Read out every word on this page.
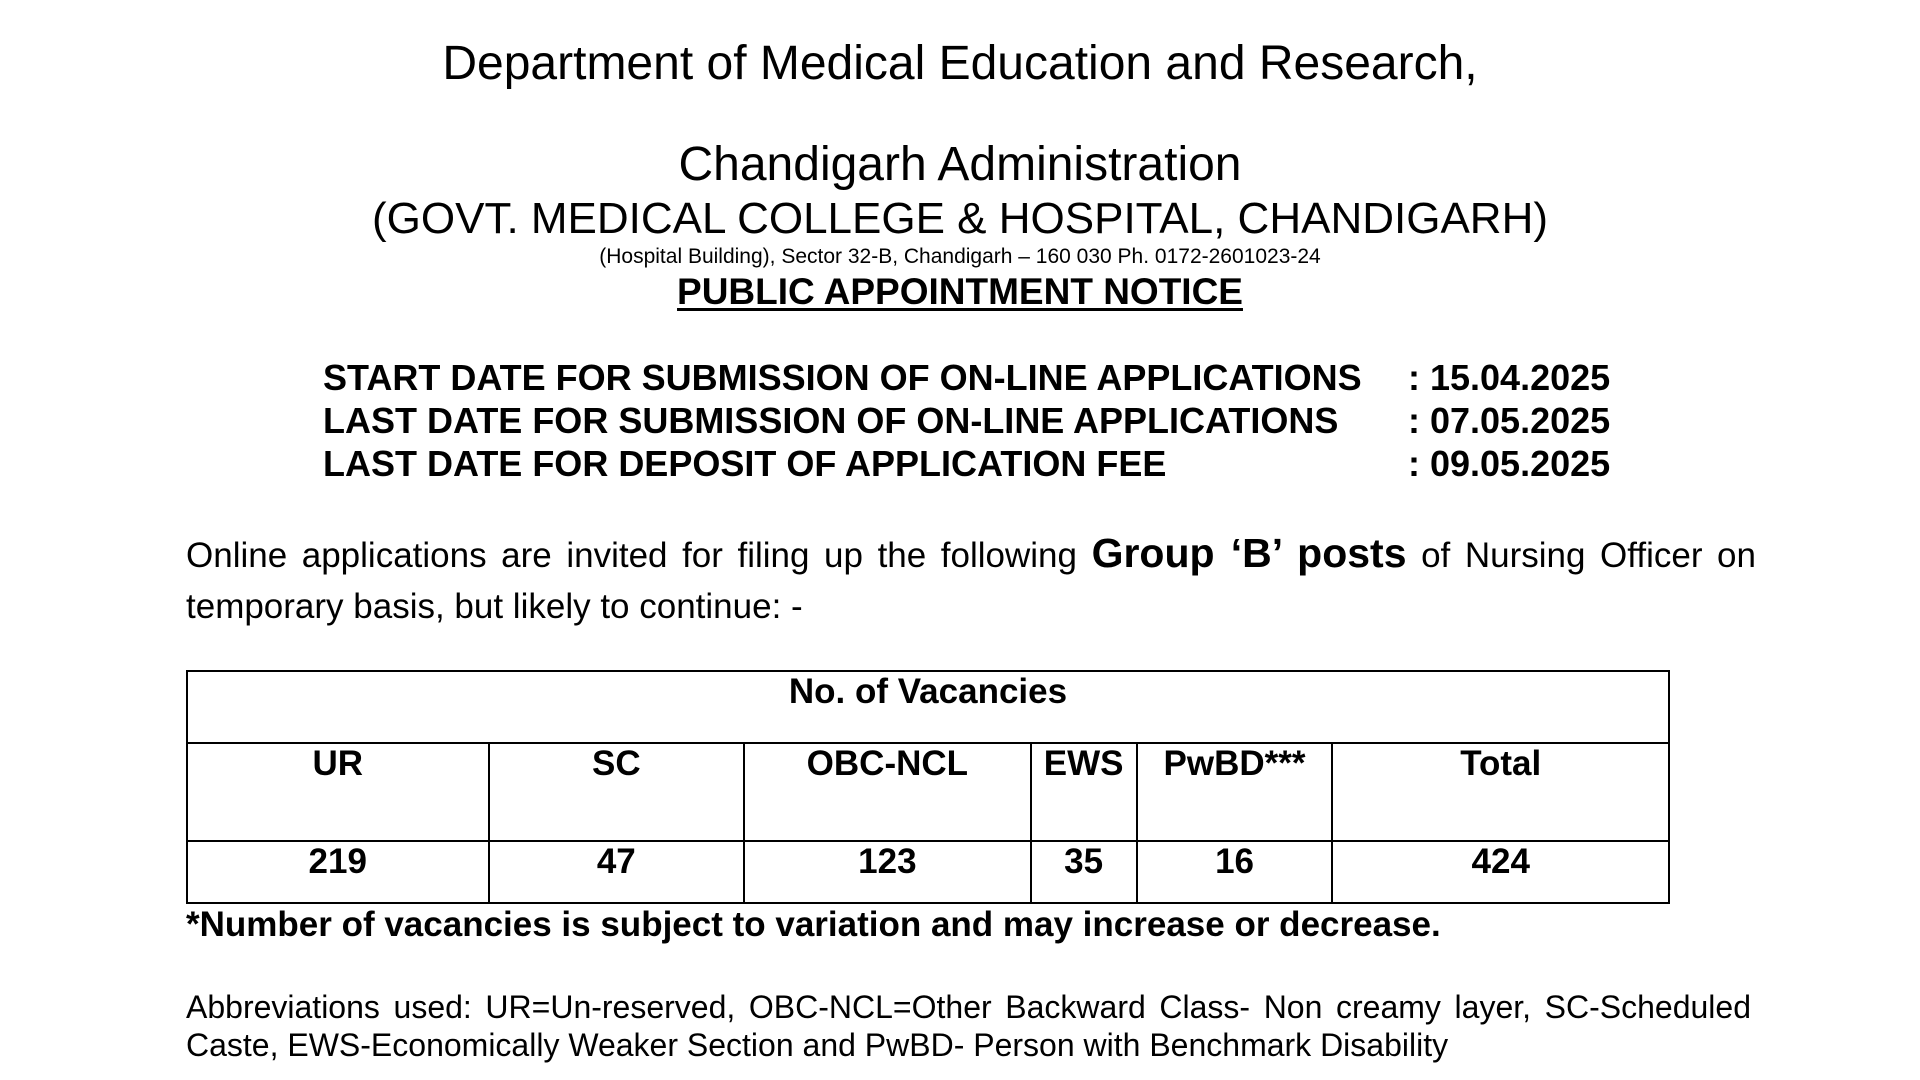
Department of Medical Education and Research,
Chandigarh Administration
(GOVT. MEDICAL COLLEGE & HOSPITAL, CHANDIGARH)
(Hospital Building), Sector 32-B, Chandigarh – 160 030 Ph. 0172-2601023-24
PUBLIC APPOINTMENT NOTICE
START DATE FOR SUBMISSION OF ON-LINE APPLICATIONS : 15.04.2025
LAST DATE FOR SUBMISSION OF ON-LINE APPLICATIONS : 07.05.2025
LAST DATE FOR DEPOSIT OF APPLICATION FEE	: 09.05.2025
Online applications are invited for filing up the following Group ‘B’ posts of Nursing Officer on temporary basis, but likely to continue: -
No. of Vacancies					
UR	SC	OBC-NCL	EWS	PwBD***	Total
219	47	123	35	16	424
*Number of vacancies is subject to variation and may increase or decrease.
Abbreviations used: UR=Un-reserved, OBC-NCL=Other Backward Class- Non creamy layer, SC-Scheduled Caste, EWS-Economically Weaker Section and PwBD- Person with Benchmark Disability
